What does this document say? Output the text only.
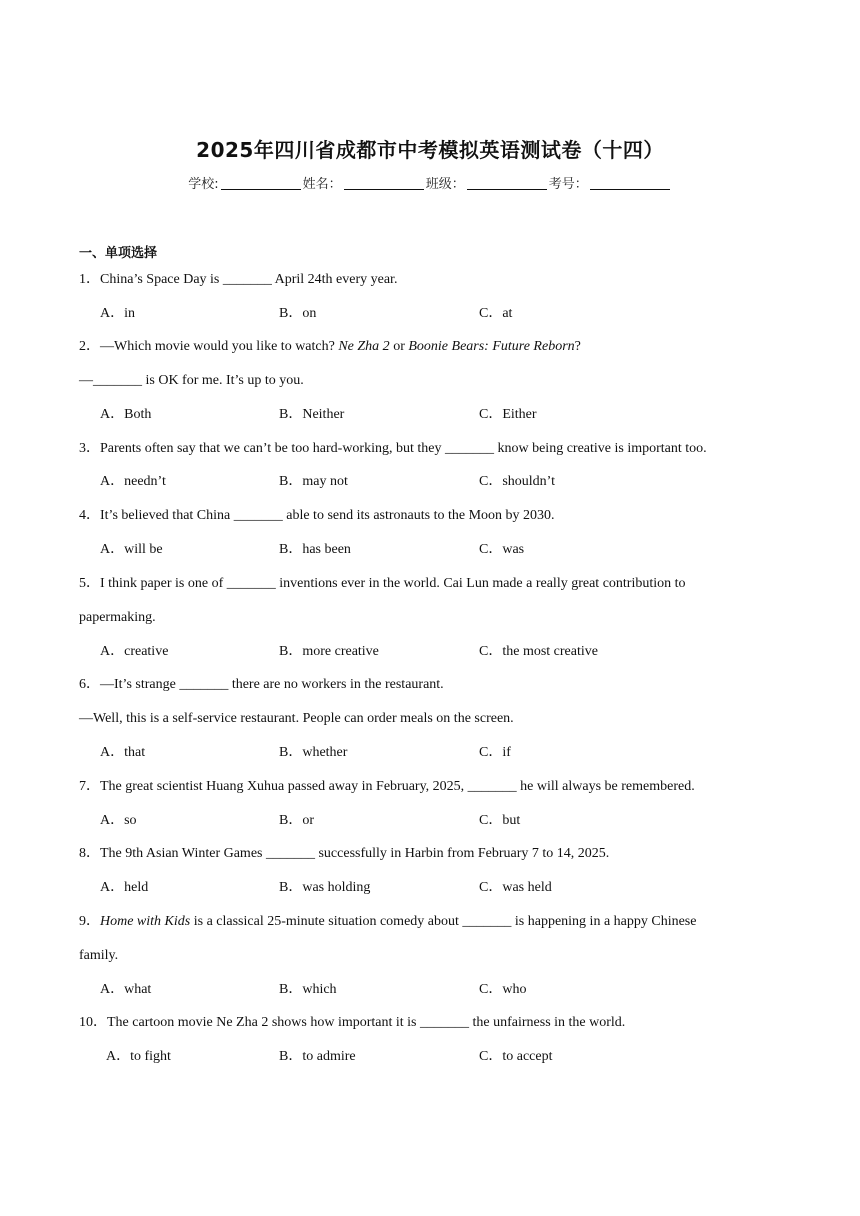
2025年四川省成都市中考模拟英语测试卷（十四）
学校:	姓名：	班级：	考号：
一、单项选择
1．China’s Space Day is _______ April 24th every year.
A．in	B．on	C．at
2．—Which movie would you like to watch? Ne Zha 2 or Boonie Bears: Future Reborn?
—_______ is OK for me. It’s up to you.
A．Both	B．Neither	C．Either
3．Parents often say that we can’t be too hard-working, but they _______ know being creative is important too.
A．needn’t	B．may not	C．shouldn’t
4．It’s believed that China _______ able to send its astronauts to the Moon by 2030.
A．will be	B．has been	C．was
5．I think paper is one of _______ inventions ever in the world. Cai Lun made a really great contribution to
papermaking.
A．creative	B．more creative	C．the most creative
6．—It’s strange _______ there are no workers in the restaurant.
—Well, this is a self-service restaurant. People can order meals on the screen.
A．that	B．whether	C．if
7．The great scientist Huang Xuhua passed away in February, 2025, _______ he will always be remembered.
A．so	B．or	C．but
8．The 9th Asian Winter Games _______ successfully in Harbin from February 7 to 14, 2025.
A．held	B．was holding	C．was held
9．Home with Kids is a classical 25-minute situation comedy about _______ is happening in a happy Chinese
family.
A．what	B．which	C．who
10．The cartoon movie Ne Zha 2 shows how important it is _______ the unfairness in the world.
A．to fight	B．to admire	C．to accept
